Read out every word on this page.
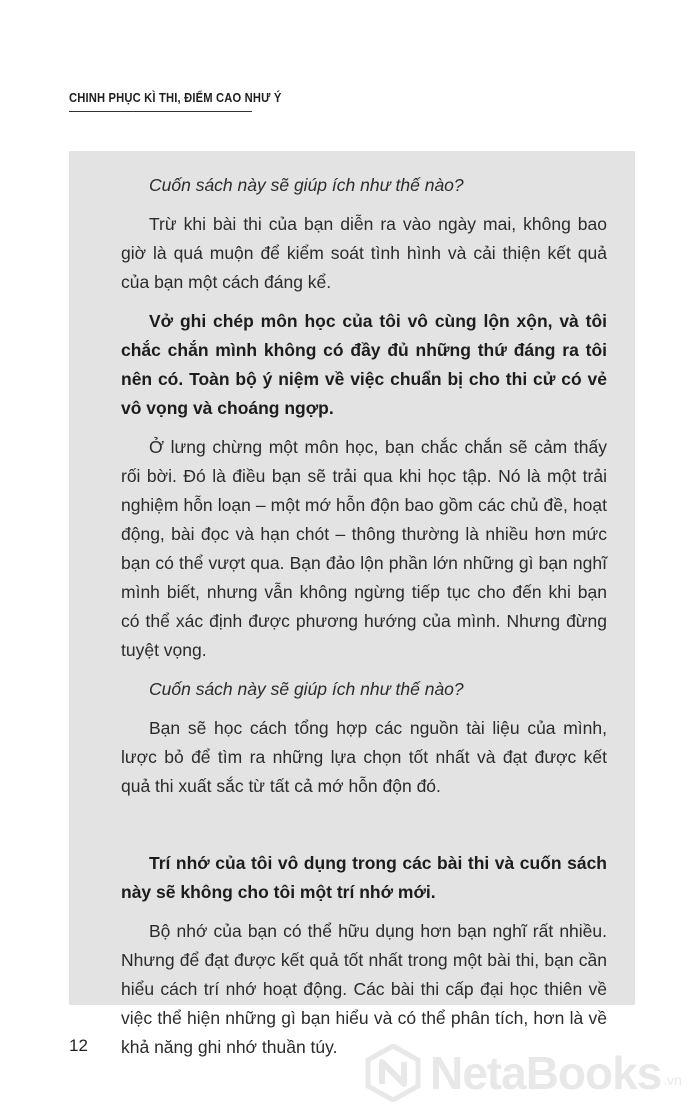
CHINH PHỤC KÌ THI, ĐIỂM CAO NHƯ Ý

Cuốn sách này sẽ giúp ích như thế nào?

Trừ khi bài thi của bạn diễn ra vào ngày mai, không bao giờ là quá muộn để kiểm soát tình hình và cải thiện kết quả của bạn một cách đáng kể.

Vở ghi chép môn học của tôi vô cùng lộn xộn, và tôi chắc chắn mình không có đầy đủ những thứ đáng ra tôi nên có. Toàn bộ ý niệm về việc chuẩn bị cho thi cử có vẻ vô vọng và choáng ngợp.

Ở lưng chừng một môn học, bạn chắc chắn sẽ cảm thấy rối bời. Đó là điều bạn sẽ trải qua khi học tập. Nó là một trải nghiệm hỗn loạn – một mớ hỗn độn bao gồm các chủ đề, hoạt động, bài đọc và hạn chót – thông thường là nhiều hơn mức bạn có thể vượt qua. Bạn đảo lộn phần lớn những gì bạn nghĩ mình biết, nhưng vẫn không ngừng tiếp tục cho đến khi bạn có thể xác định được phương hướng của mình. Nhưng đừng tuyệt vọng.

Cuốn sách này sẽ giúp ích như thế nào?

Bạn sẽ học cách tổng hợp các nguồn tài liệu của mình, lược bỏ để tìm ra những lựa chọn tốt nhất và đạt được kết quả thi xuất sắc từ tất cả mớ hỗn độn đó.

Trí nhớ của tôi vô dụng trong các bài thi và cuốn sách này sẽ không cho tôi một trí nhớ mới.

Bộ nhớ của bạn có thể hữu dụng hơn bạn nghĩ rất nhiều. Nhưng để đạt được kết quả tốt nhất trong một bài thi, bạn cần hiểu cách trí nhớ hoạt động. Các bài thi cấp đại học thiên về việc thể hiện những gì bạn hiểu và có thể phân tích, hơn là về khả năng ghi nhớ thuần túy.

12
NetaBooks .vn
